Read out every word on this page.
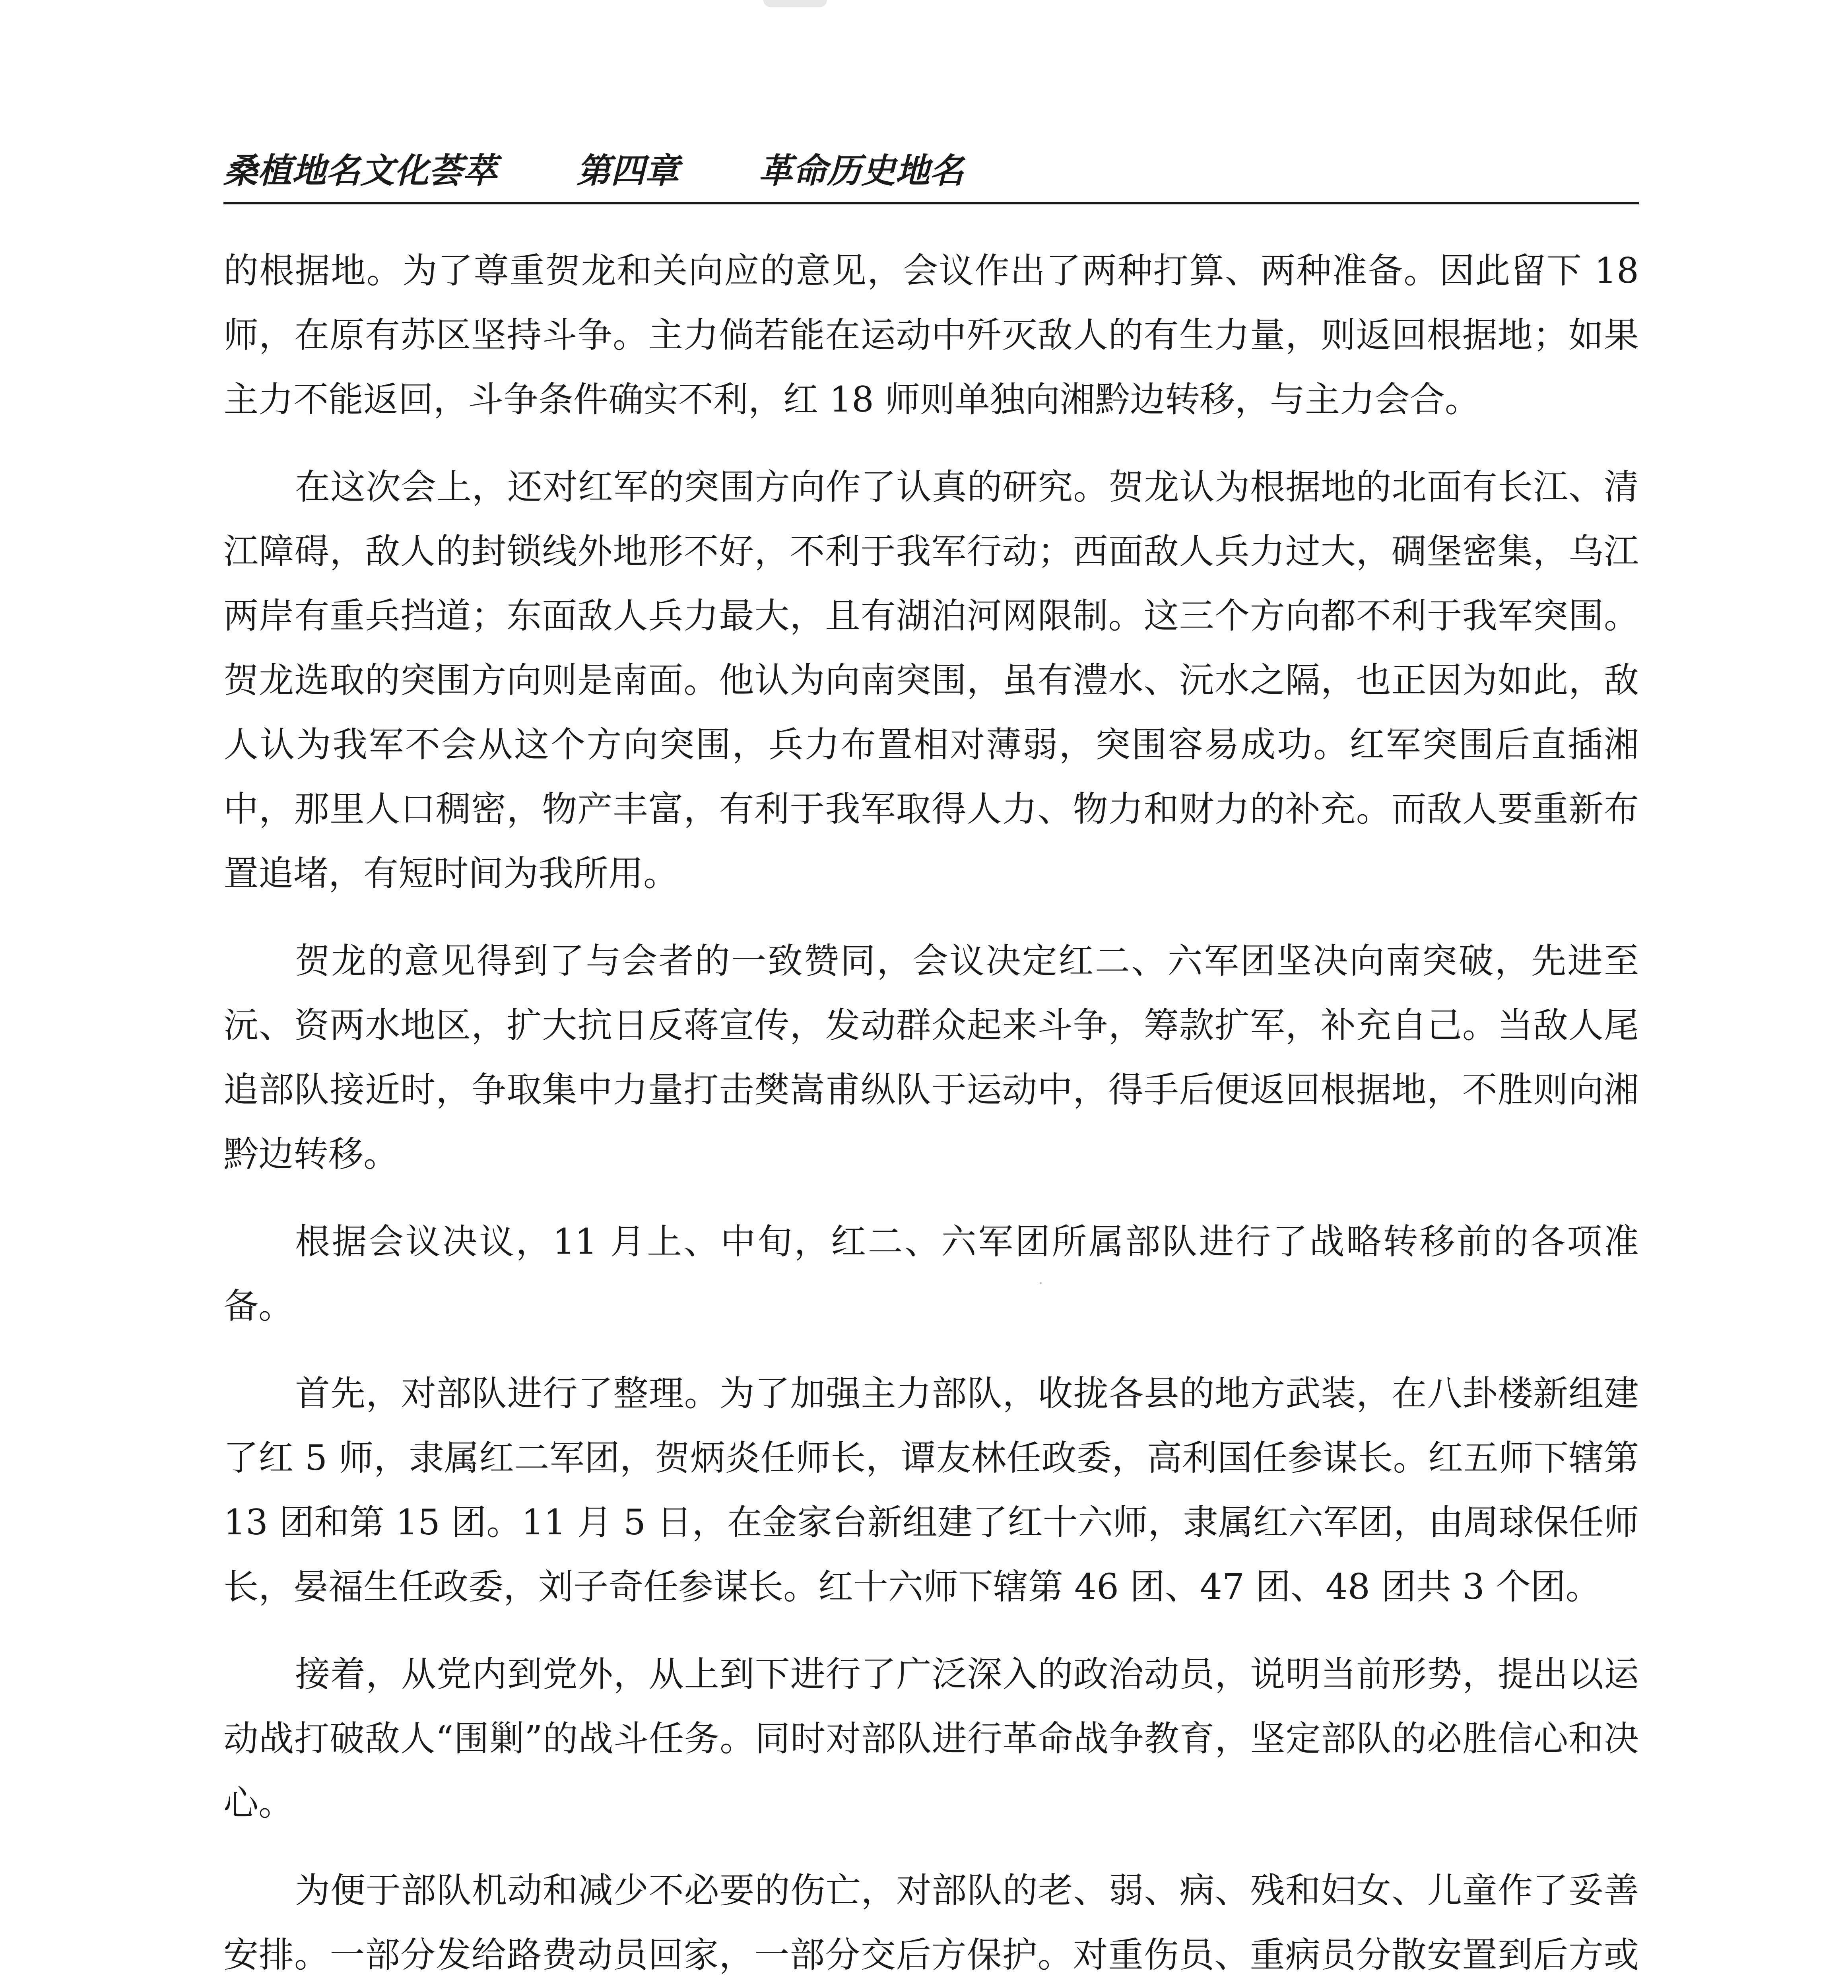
桑植地名文化荟萃 第四章 革命历史地名

的根据地。为了尊重贺龙和关向应的意见，会议作出了两种打算、两种准备。因此留下 18 师，在原有苏区坚持斗争。主力倘若能在运动中歼灭敌人的有生力量，则返回根据地；如果主力不能返回，斗争条件确实不利，红 18 师则单独向湘黔边转移，与主力会合。

在这次会上，还对红军的突围方向作了认真的研究。贺龙认为根据地的北面有长江、清江障碍，敌人的封锁线外地形不好，不利于我军行动；西面敌人兵力过大，碉堡密集，乌江两岸有重兵挡道；东面敌人兵力最大，且有湖泊河网限制。这三个方向都不利于我军突围。贺龙选取的突围方向则是南面。他认为向南突围，虽有澧水、沅水之隔，也正因为如此，敌人认为我军不会从这个方向突围，兵力布置相对薄弱，突围容易成功。红军突围后直插湘中，那里人口稠密，物产丰富，有利于我军取得人力、物力和财力的补充。而敌人要重新布置追堵，有短时间为我所用。

贺龙的意见得到了与会者的一致赞同，会议决定红二、六军团坚决向南突破，先进至沅、资两水地区，扩大抗日反蒋宣传，发动群众起来斗争，筹款扩军，补充自己。当敌人尾追部队接近时，争取集中力量打击樊嵩甫纵队于运动中，得手后便返回根据地，不胜则向湘黔边转移。

根据会议决议，11 月上、中旬，红二、六军团所属部队进行了战略转移前的各项准备。

首先，对部队进行了整理。为了加强主力部队，收拢各县的地方武装，在八卦楼新组建了红 5 师，隶属红二军团，贺炳炎任师长，谭友林任政委，高利国任参谋长。红五师下辖第 13 团和第 15 团。11 月 5 日，在金家台新组建了红十六师，隶属红六军团，由周球保任师长，晏福生任政委，刘子奇任参谋长。红十六师下辖第 46 团、47 团、48 团共 3 个团。

接着，从党内到党外，从上到下进行了广泛深入的政治动员，说明当前形势，提出以运动战打破敌人“围剿”的战斗任务。同时对部队进行革命战争教育，坚定部队的必胜信心和决心。

为便于部队机动和减少不必要的伤亡，对部队的老、弱、病、残和妇女、儿童作了妥善安排。一部分发给路费动员回家，一部分交后方保护。对重伤员、重病员分散安置到后方或
